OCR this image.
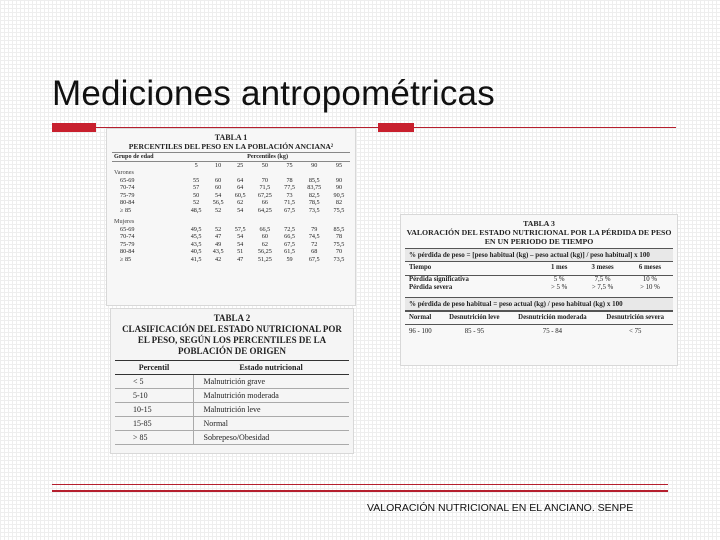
Mediciones antropométricas
TABLA 1
PERCENTILES DEL PESO EN LA POBLACIÓN ANCIANA²
Grupo de edad	Percentiles (kg)						
	5	10	25	50	75	90	95
Varones							
65-69	55	60	64	70	78	85,5	90
70-74	57	60	64	71,5	77,5	83,75	90
75-79	50	54	60,5	67,25	73	82,5	90,5
80-84	52	56,5	62	66	71,5	78,5	82
≥ 85	48,5	52	54	64,25	67,5	73,5	75,5
Mujeres							
65-69	49,5	52	57,5	66,5	72,5	79	85,5
70-74	45,5	47	54	60	66,5	74,5	78
75-79	43,5	49	54	62	67,5	72	75,5
80-84	40,5	43,5	51	56,25	61,5	68	70
≥ 85	41,5	42	47	51,25	59	67,5	73,5
TABLA 2
CLASIFICACIÓN DEL ESTADO NUTRICIONAL POR EL PESO, SEGÚN LOS PERCENTILES DE LA POBLACIÓN DE ORIGEN
Percentil	Estado nutricional
< 5	Malnutrición grave
5-10	Malnutrición moderada
10-15	Malnutrición leve
15-85	Normal
> 85	Sobrepeso/Obesidad
TABLA 3
VALORACIÓN DEL ESTADO NUTRICIONAL POR LA PÉRDIDA DE PESO EN UN PERIODO DE TIEMPO
% pérdida de peso = [peso habitual (kg) – peso actual (kg)] / peso habitual] x 100
Tiempo	1 mes	3 meses	6 meses
Pérdida significativa	5 %	7,5 %	10 %
Pérdida severa	> 5 %	> 7,5 %	> 10 %
% pérdida de peso habitual = peso actual (kg) / peso habitual (kg) x 100
Normal	Desnutrición leve	Desnutrición moderada	Desnutrición severa
96 - 100	85 - 95	75 - 84	< 75
VALORACIÓN NUTRICIONAL EN EL ANCIANO. SENPE
